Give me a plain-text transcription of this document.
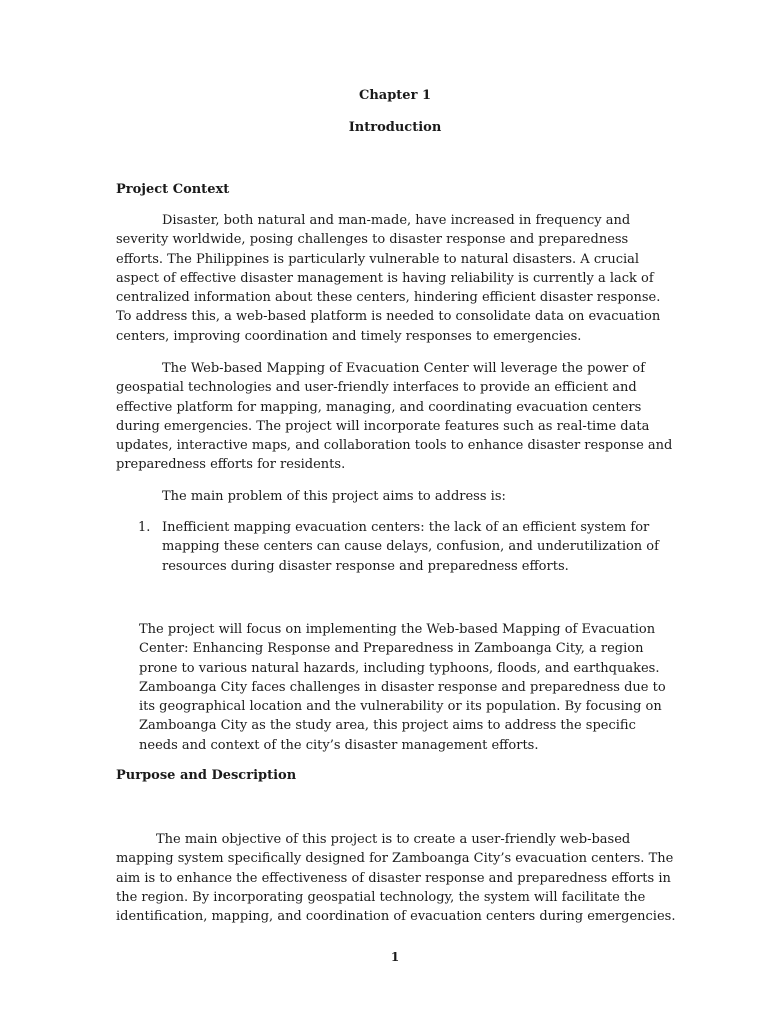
Chapter 1

Introduction

Project Context

Disaster, both natural and man-made, have increased in frequency and severity worldwide, posing challenges to disaster response and preparedness efforts. The Philippines is particularly vulnerable to natural disasters. A crucial aspect of effective disaster management is having reliability is currently a lack of centralized information about these centers, hindering efficient disaster response. To address this, a web-based platform is needed to consolidate data on evacuation centers, improving coordination and timely responses to emergencies.

The Web-based Mapping of Evacuation Center will leverage the power of geospatial technologies and user-friendly interfaces to provide an efficient and effective platform for mapping, managing, and coordinating evacuation centers during emergencies. The project will incorporate features such as real-time data updates, interactive maps, and collaboration tools to enhance disaster response and preparedness efforts for residents.

The main problem of this project aims to address is:

1. Inefficient mapping evacuation centers: the lack of an efficient system for mapping these centers can cause delays, confusion, and underutilization of resources during disaster response and preparedness efforts.

The project will focus on implementing the Web-based Mapping of Evacuation Center: Enhancing Response and Preparedness in Zamboanga City, a region prone to various natural hazards, including typhoons, floods, and earthquakes. Zamboanga City faces challenges in disaster response and preparedness due to its geographical location and the vulnerability or its population. By focusing on Zamboanga City as the study area, this project aims to address the specific needs and context of the city’s disaster management efforts.

Purpose and Description

The main objective of this project is to create a user-friendly web-based mapping system specifically designed for Zamboanga City’s evacuation centers. The aim is to enhance the effectiveness of disaster response and preparedness efforts in the region. By incorporating geospatial technology, the system will facilitate the identification, mapping, and coordination of evacuation centers during emergencies.

1
